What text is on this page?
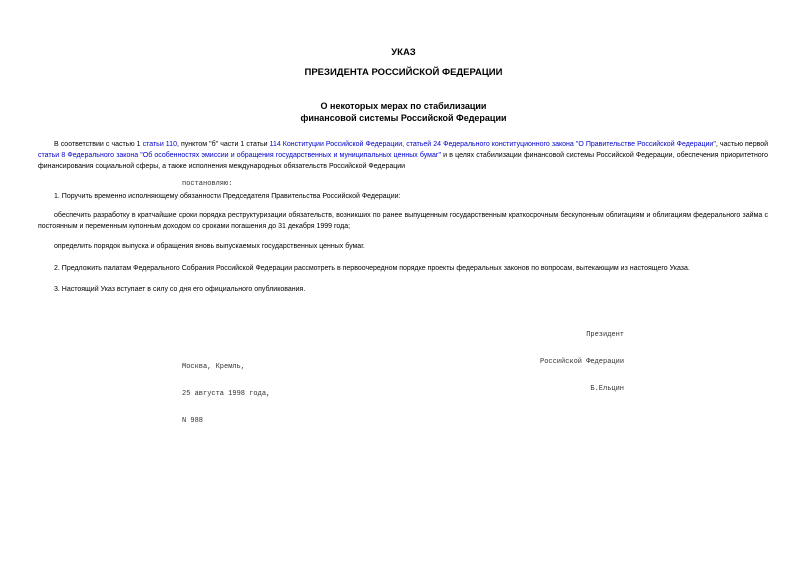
УКАЗ
ПРЕЗИДЕНТА РОССИЙСКОЙ ФЕДЕРАЦИИ
О некоторых мерах по стабилизации
финансовой системы Российской Федерации
В соответствии с частью 1 статьи 110, пунктом "б" части 1 статьи 114 Конституции Российской Федерации, статьей 24 Федерального конституционного закона "О Правительстве Российской Федерации", частью первой статьи 8 Федерального закона "Об особенностях эмиссии и обращения государственных и муниципальных ценных бумаг" и в целях стабилизации финансовой системы Российской Федерации, обеспечения приоритетного финансирования социальной сферы, а также исполнения международных обязательств Российской Федерации
постановляю:
1. Поручить временно исполняющему обязанности Председателя Правительства Российской Федерации:
обеспечить разработку в кратчайшие сроки порядка реструктуризации обязательств, возникших по ранее выпущенным государственным краткосрочным бескупонным облигациям и облигациям федерального займа с постоянным и переменным купонным доходом со сроками погашения до 31 декабря 1999 года;
определить порядок выпуска и обращения вновь выпускаемых государственных ценных бумаг.
2. Предложить палатам Федерального Собрания Российской Федерации рассмотреть в первоочередном порядке проекты федеральных законов по вопросам, вытекающим из настоящего Указа.
3. Настоящий Указ вступает в силу со дня его официального опубликования.

Президент

Российской Федерации

Б.Ельцин

Москва, Кремль,

25 августа 1998 года,

N 988
